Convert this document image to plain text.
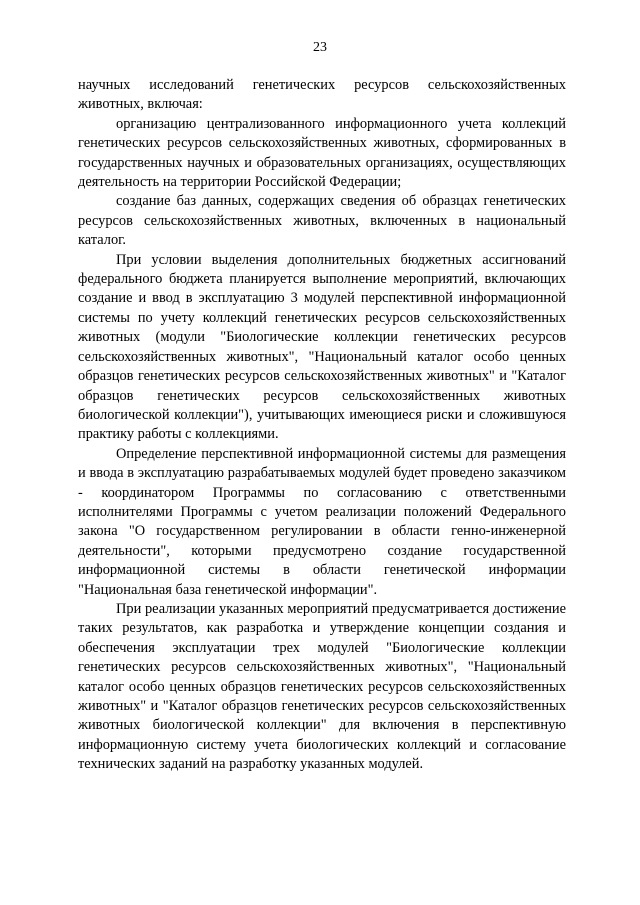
23

научных исследований генетических ресурсов сельскохозяйственных животных, включая:

организацию централизованного информационного учета коллекций генетических ресурсов сельскохозяйственных животных, сформированных в государственных научных и образовательных организациях, осуществляющих деятельность на территории Российской Федерации;

создание баз данных, содержащих сведения об образцах генетических ресурсов сельскохозяйственных животных, включенных в национальный каталог.

При условии выделения дополнительных бюджетных ассигнований федерального бюджета планируется выполнение мероприятий, включающих создание и ввод в эксплуатацию 3 модулей перспективной информационной системы по учету коллекций генетических ресурсов сельскохозяйственных животных (модули "Биологические коллекции генетических ресурсов сельскохозяйственных животных", "Национальный каталог особо ценных образцов генетических ресурсов сельскохозяйственных животных" и "Каталог образцов генетических ресурсов сельскохозяйственных животных биологической коллекции"), учитывающих имеющиеся риски и сложившуюся практику работы с коллекциями.

Определение перспективной информационной системы для размещения и ввода в эксплуатацию разрабатываемых модулей будет проведено заказчиком - координатором Программы по согласованию с ответственными исполнителями Программы с учетом реализации положений Федерального закона "О государственном регулировании в области генно-инженерной деятельности", которыми предусмотрено создание государственной информационной системы в области генетической информации "Национальная база генетической информации".

При реализации указанных мероприятий предусматривается достижение таких результатов, как разработка и утверждение концепции создания и обеспечения эксплуатации трех модулей "Биологические коллекции генетических ресурсов сельскохозяйственных животных", "Национальный каталог особо ценных образцов генетических ресурсов сельскохозяйственных животных" и "Каталог образцов генетических ресурсов сельскохозяйственных животных биологической коллекции" для включения в перспективную информационную систему учета биологических коллекций и согласование технических заданий на разработку указанных модулей.
